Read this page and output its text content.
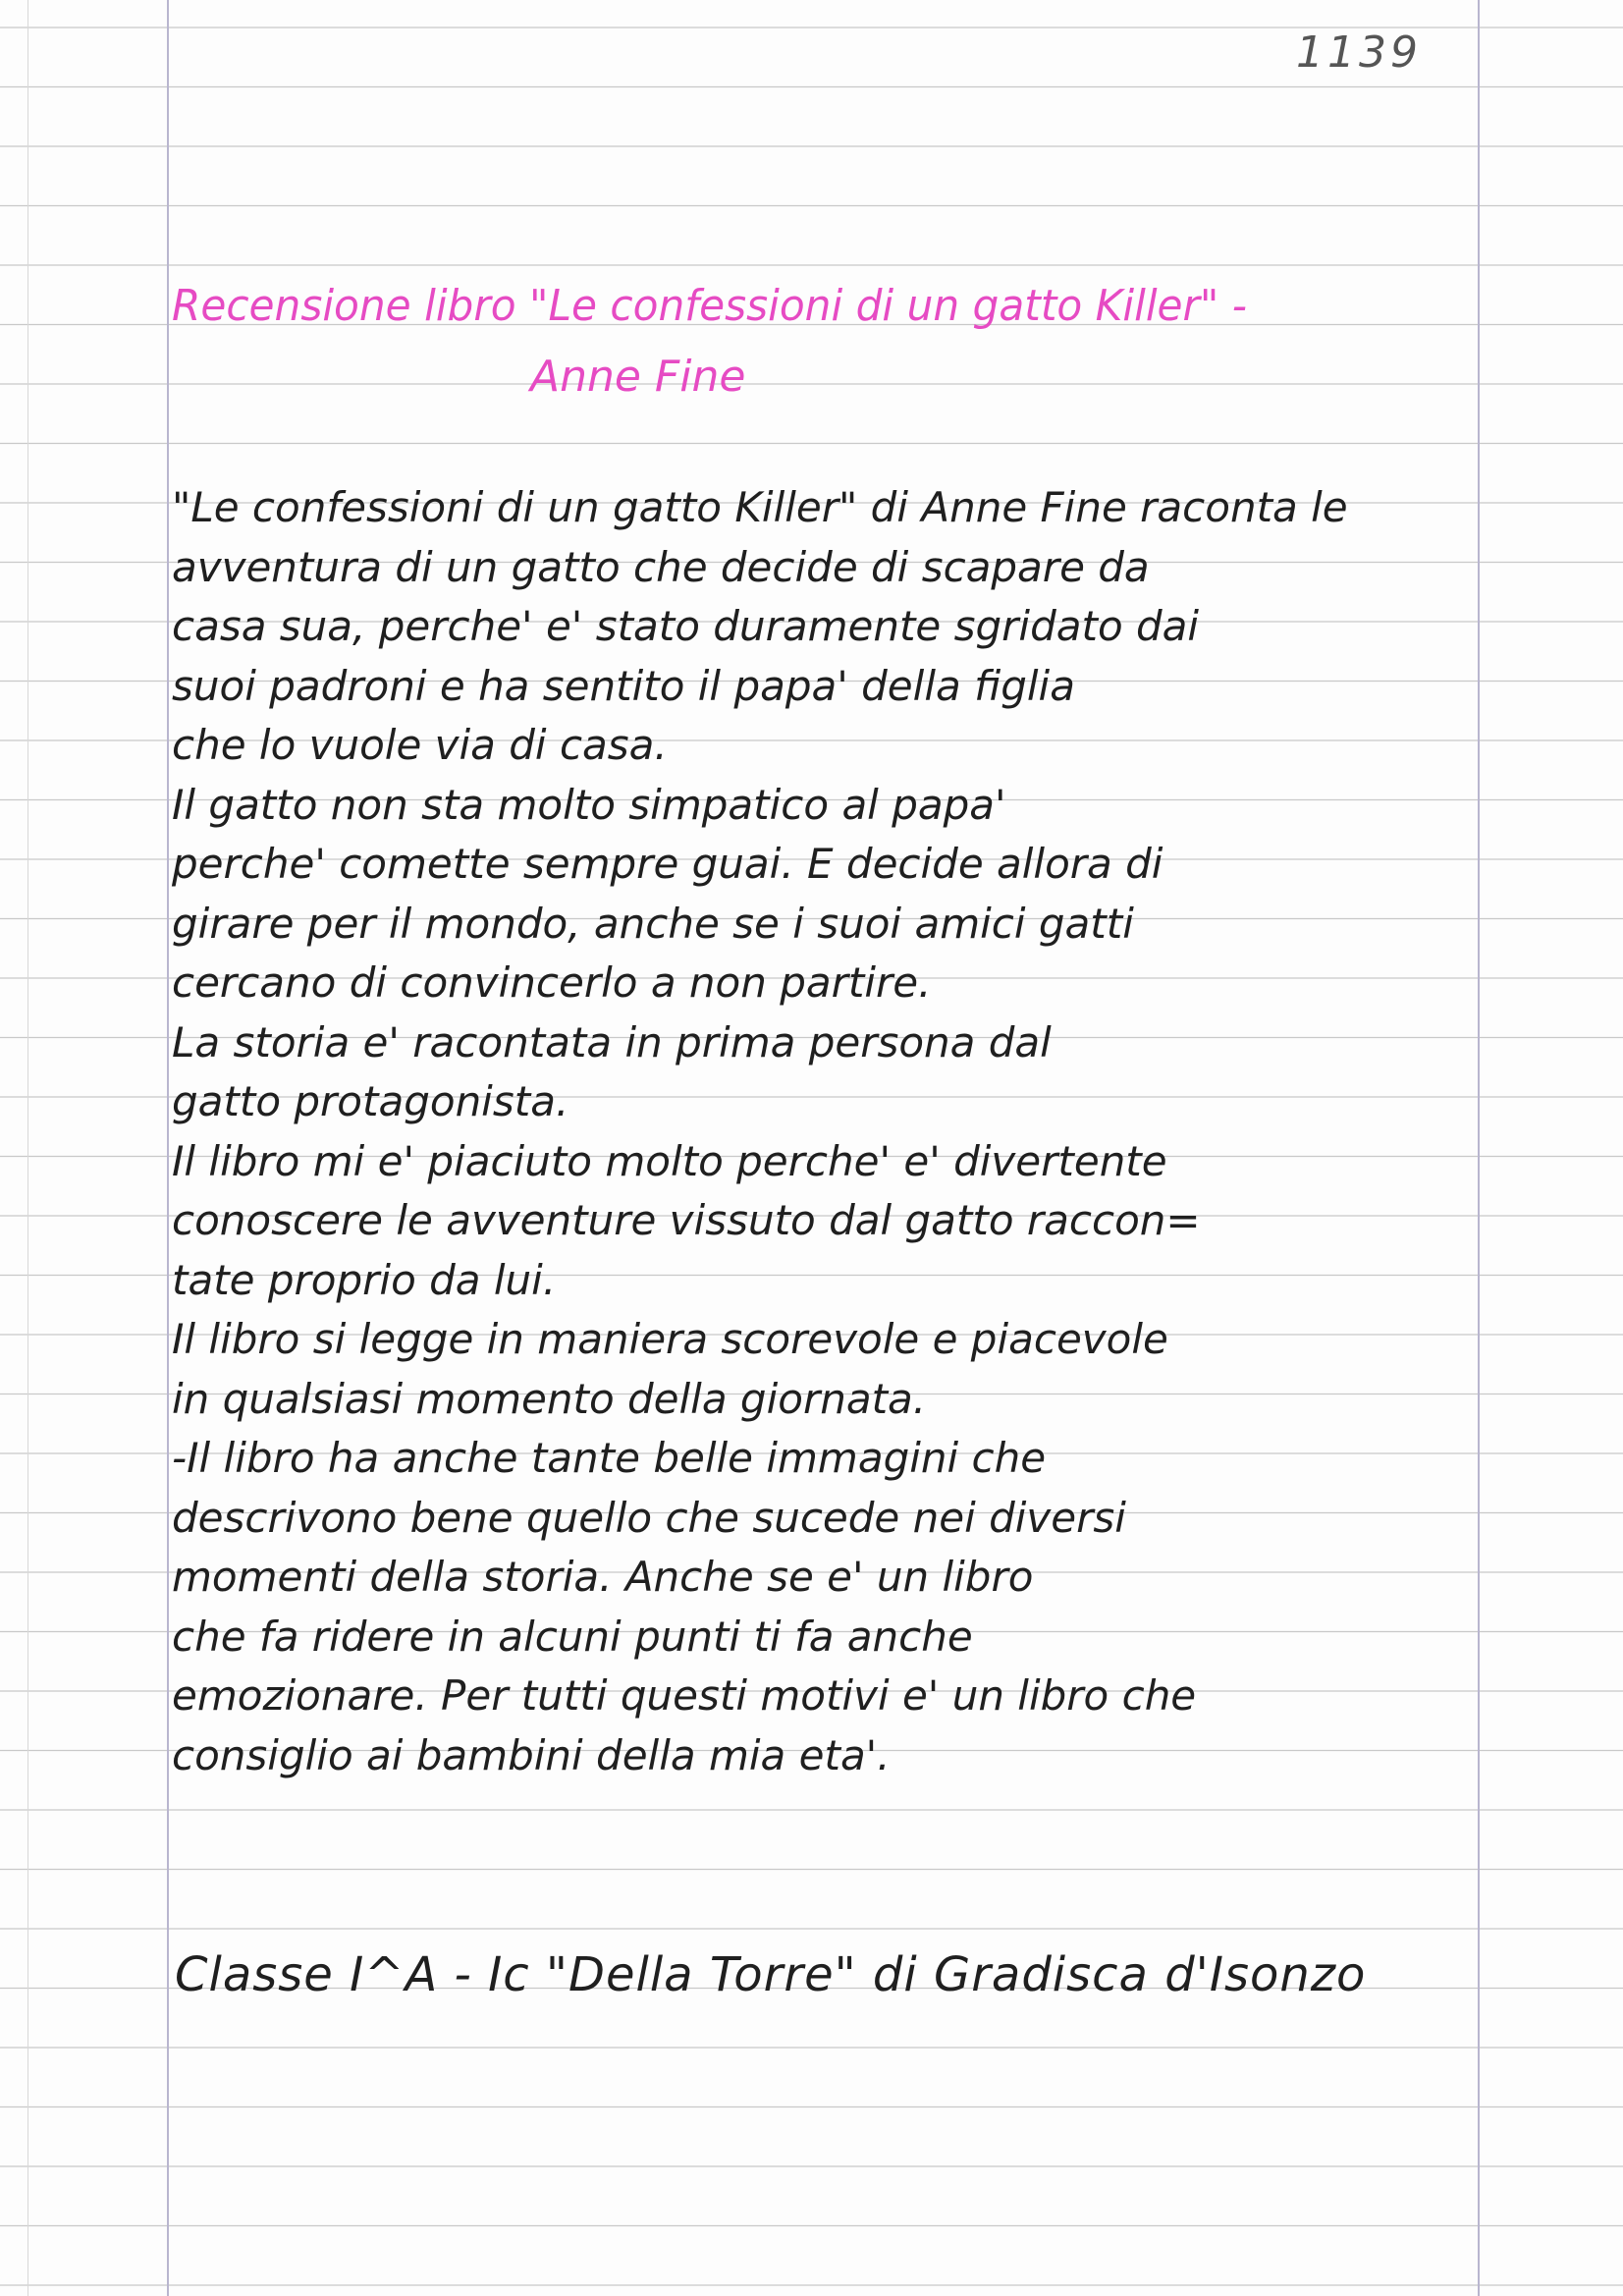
1139
Recensione libro "Le confessioni di un gatto Killer" -
Anne Fine
"Le confessioni di un gatto Killer" di Anne Fine raconta le
avventura di un gatto che decide di scapare da
casa sua, perche' e' stato duramente sgridato dai
suoi padroni e ha sentito il papa' della figlia
che lo vuole via di casa.
Il gatto non sta molto simpatico al papa'
perche' comette sempre guai. E decide allora di
girare per il mondo, anche se i suoi amici gatti
cercano di convincerlo a non partire.
La storia e' racontata in prima persona dal
gatto protagonista.
Il libro mi e' piaciuto molto perche' e' divertente
conoscere le avventure vissuto dal gatto raccon=
tate proprio da lui.
Il libro si legge in maniera scorevole e piacevole
in qualsiasi momento della giornata.
-Il libro ha anche tante belle immagini che
descrivono bene quello che sucede nei diversi
momenti della storia. Anche se e' un libro
che fa ridere in alcuni punti ti fa anche
emozionare. Per tutti questi motivi e' un libro che
consiglio ai bambini della mia eta'.
Classe I^A - Ic "Della Torre" di Gradisca d'Isonzo
